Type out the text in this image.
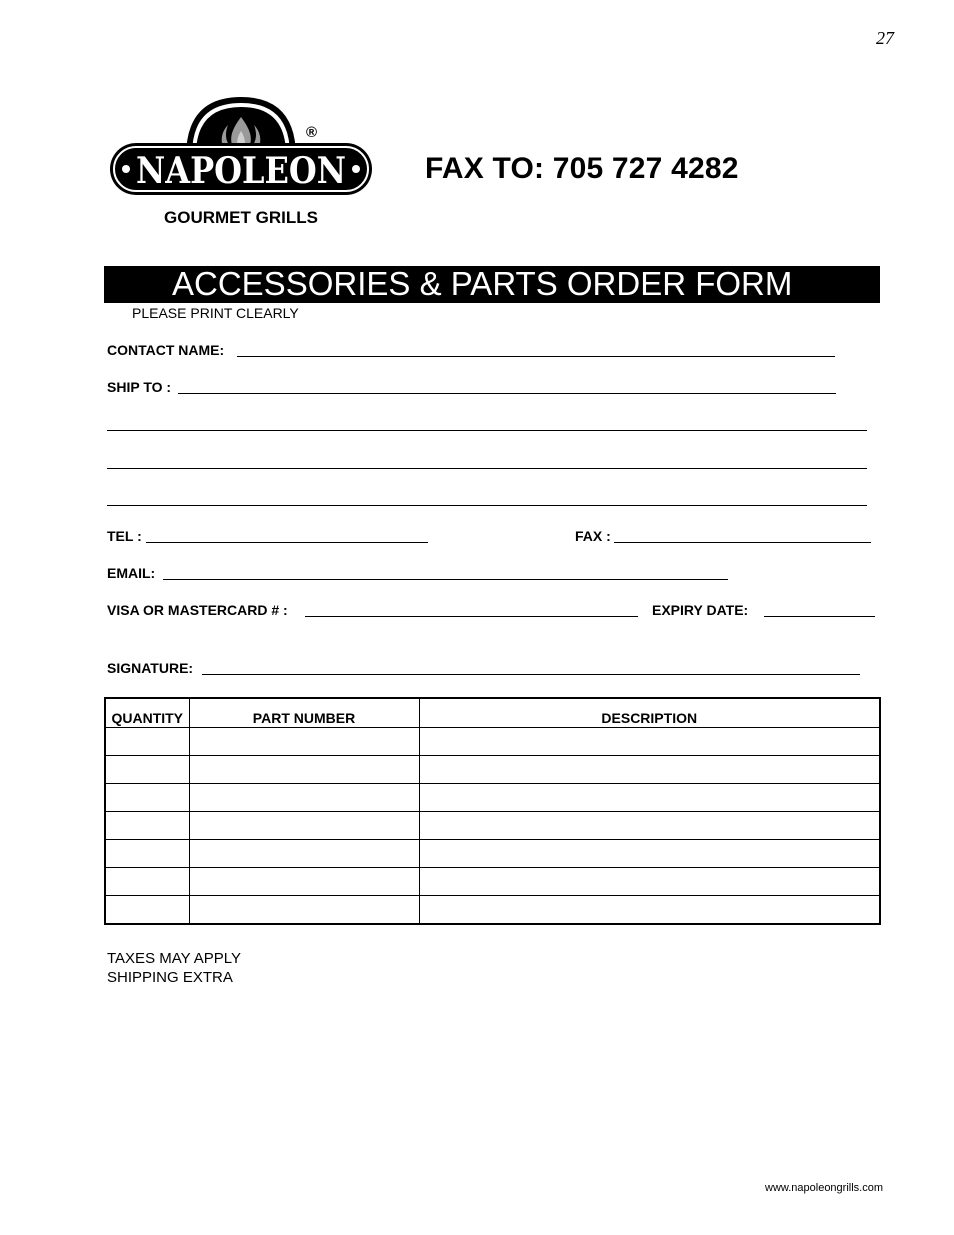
27
NAPOLEON
®
GOURMET GRILLS
FAX TO: 705 727 4282
ACCESSORIES & PARTS ORDER FORM
PLEASE PRINT CLEARLY
CONTACT NAME:
SHIP TO :
TEL :	FAX :
EMAIL:
VISA OR MASTERCARD # :	EXPIRY DATE:
SIGNATURE:
QUANTITY	PART NUMBER	DESCRIPTION

TAXES MAY APPLY
SHIPPING EXTRA
www.napoleongrills.com
